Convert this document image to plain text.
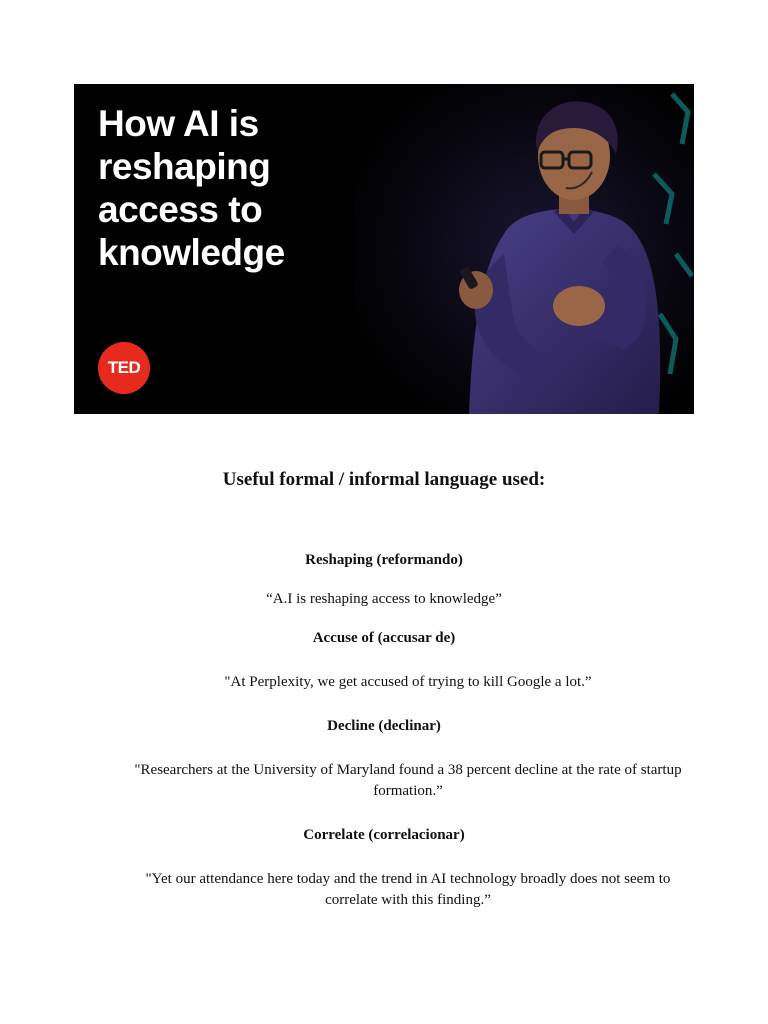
How AI is reshaping access to knowledge
TED
Useful formal / informal language used:

Reshaping (reformando)

“A.I is reshaping access to knowledge”

Accuse of (accusar de)

"At Perplexity, we get accused of trying to kill Google a lot.”

Decline (declinar)

"Researchers at the University of Maryland found a 38 percent decline at the rate of startup formation.”

Correlate (correlacionar)

"Yet our attendance here today and the trend in AI technology broadly does not seem to correlate with this finding.”
